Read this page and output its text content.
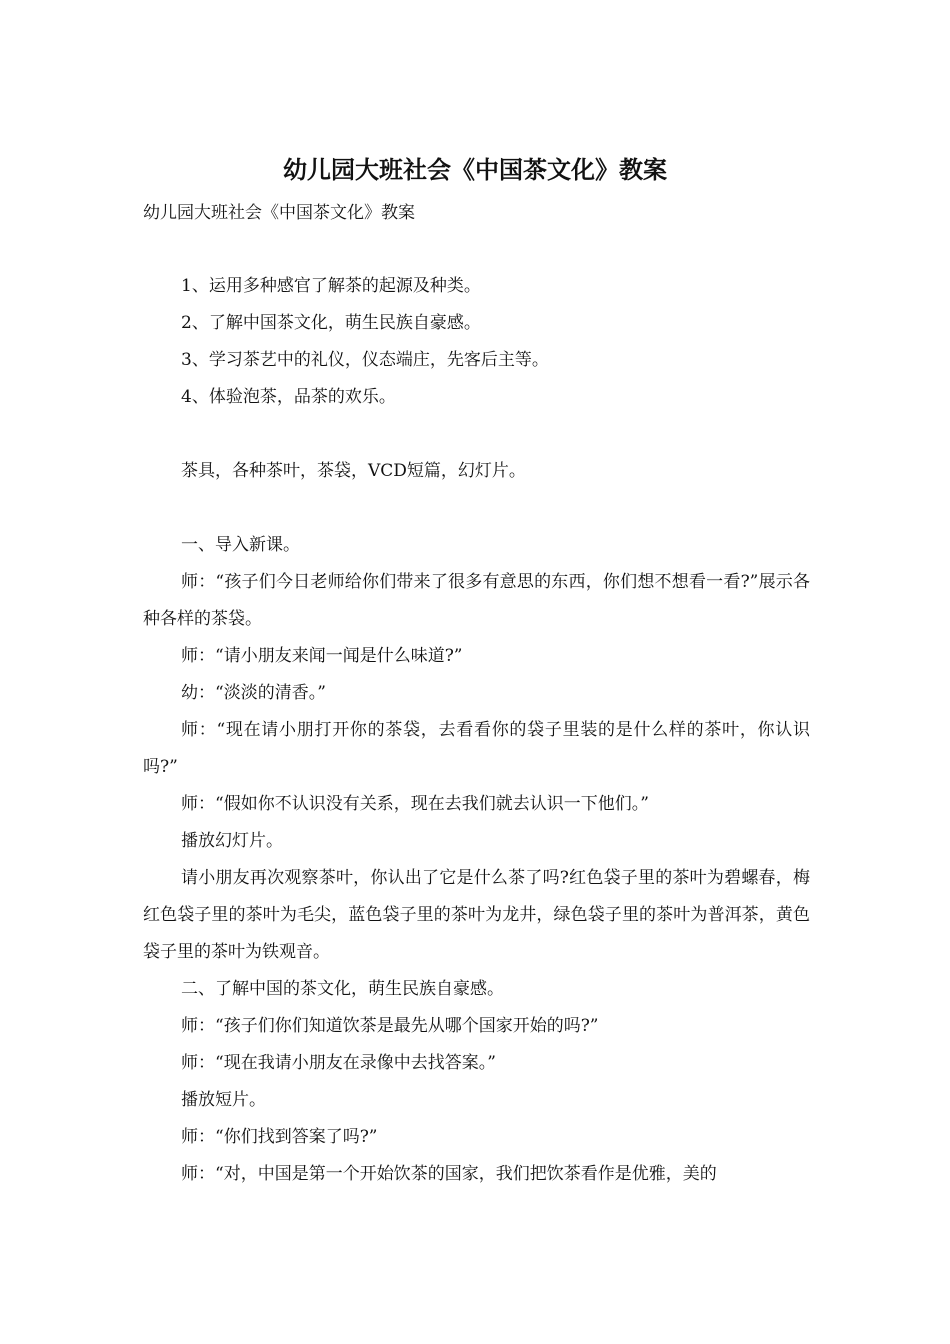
幼儿园大班社会《中国茶文化》教案
幼儿园大班社会《中国茶文化》教案

1、运用多种感官了解茶的起源及种类。

2、了解中国茶文化，萌生民族自豪感。

3、学习茶艺中的礼仪，仪态端庄，先客后主等。

4、体验泡茶，品茶的欢乐。

茶具，各种茶叶，茶袋，VCD短篇，幻灯片。

一、导入新课。

师：“孩子们今日老师给你们带来了很多有意思的东西，你们想不想看一看?”展示各种各样的茶袋。

师：“请小朋友来闻一闻是什么味道?”

幼：“淡淡的清香。”

师：“现在请小朋打开你的茶袋，去看看你的袋子里装的是什么样的茶叶，你认识吗?”

师：“假如你不认识没有关系，现在去我们就去认识一下他们。”

播放幻灯片。

请小朋友再次观察茶叶，你认出了它是什么茶了吗?红色袋子里的茶叶为碧螺春，梅红色袋子里的茶叶为毛尖，蓝色袋子里的茶叶为龙井，绿色袋子里的茶叶为普洱茶，黄色袋子里的茶叶为铁观音。

二、了解中国的茶文化，萌生民族自豪感。

师：“孩子们你们知道饮茶是最先从哪个国家开始的吗?”

师：“现在我请小朋友在录像中去找答案。”

播放短片。

师：“你们找到答案了吗?”

师：“对，中国是第一个开始饮茶的国家，我们把饮茶看作是优雅，美的
